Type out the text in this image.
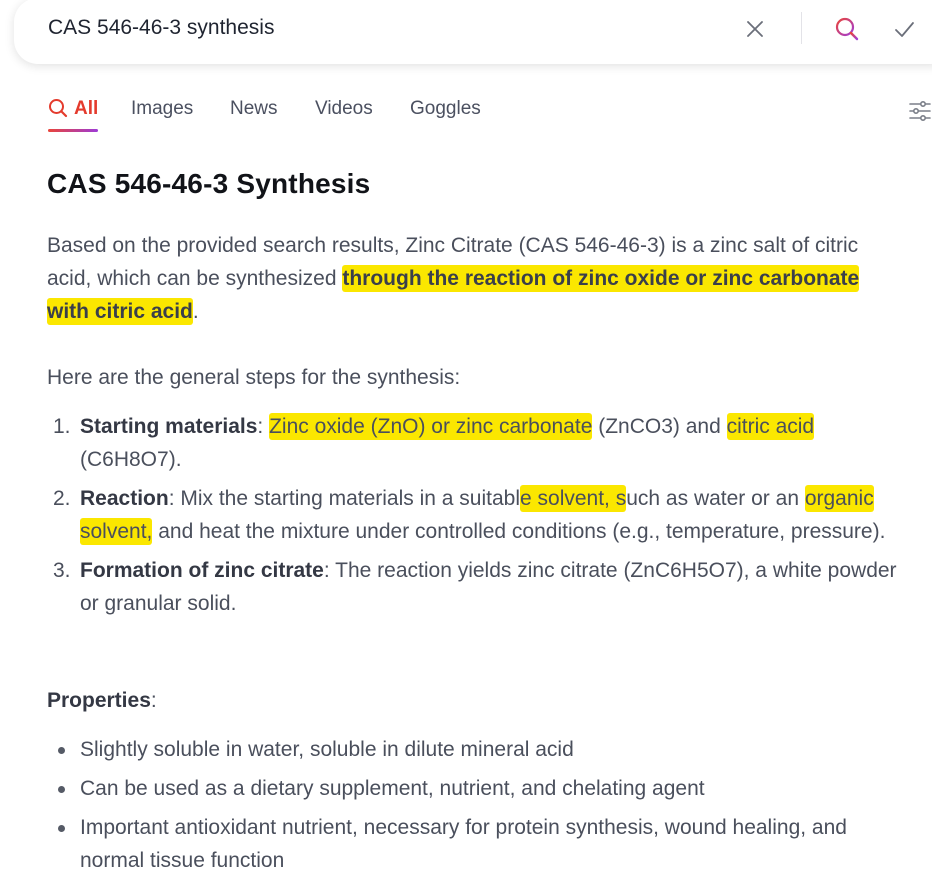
CAS 546-46-3 synthesis
All Images News Videos Goggles
CAS 546-46-3 Synthesis
Based on the provided search results, Zinc Citrate (CAS 546-46-3) is a zinc salt of citric acid, which can be synthesized through the reaction of zinc oxide or zinc carbonate with citric acid.
Here are the general steps for the synthesis:
1. Starting materials: Zinc oxide (ZnO) or zinc carbonate (ZnCO3) and citric acid (C6H8O7).
2. Reaction: Mix the starting materials in a suitable solvent, such as water or an organic solvent, and heat the mixture under controlled conditions (e.g., temperature, pressure).
3. Formation of zinc citrate: The reaction yields zinc citrate (ZnC6H5O7), a white powder or granular solid.
Properties:
Slightly soluble in water, soluble in dilute mineral acid
Can be used as a dietary supplement, nutrient, and chelating agent
Important antioxidant nutrient, necessary for protein synthesis, wound healing, and normal tissue function
